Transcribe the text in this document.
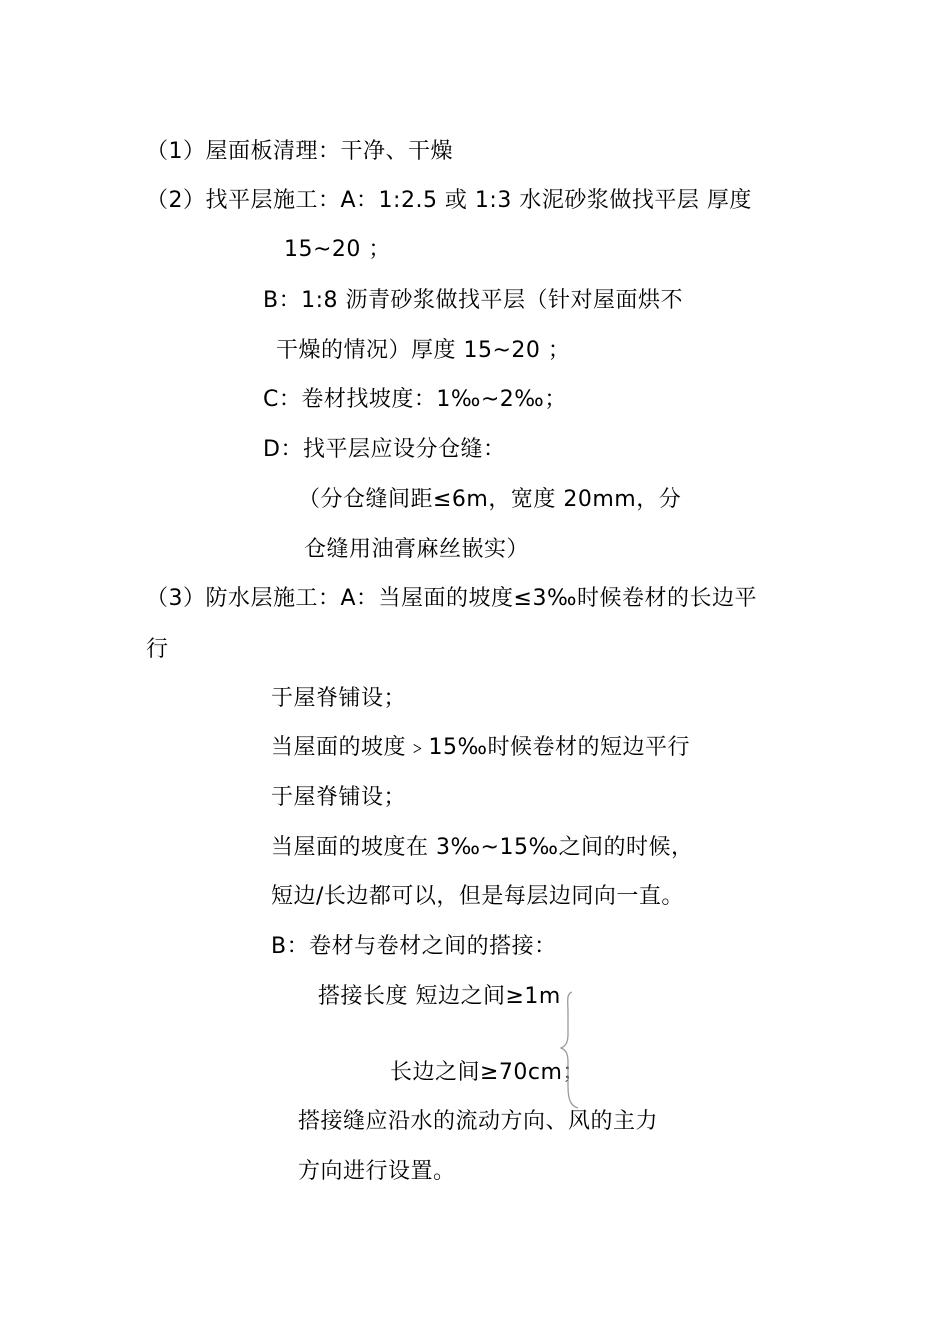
（1）屋面板清理：干净、干燥
（2）找平层施工：A：1:2.5 或 1:3 水泥砂浆做找平层 厚度
15~20 ；
B：1:8 沥青砂浆做找平层（针对屋面烘不
干燥的情况）厚度 15~20 ；
C：卷材找坡度：1‰~2‰；
D：找平层应设分仓缝：
（分仓缝间距≤6m，宽度 20mm，分
仓缝用油膏麻丝嵌实）
（3）防水层施工：A：当屋面的坡度≤3‰时候卷材的长边平
行
于屋脊铺设；
当屋面的坡度﹥15‰时候卷材的短边平行
于屋脊铺设；
当屋面的坡度在 3‰~15‰之间的时候，
短边/长边都可以，但是每层边同向一直。
B：卷材与卷材之间的搭接：
搭接长度 短边之间≥1m
长边之间≥70cm；
搭接缝应沿水的流动方向、风的主力
方向进行设置。
